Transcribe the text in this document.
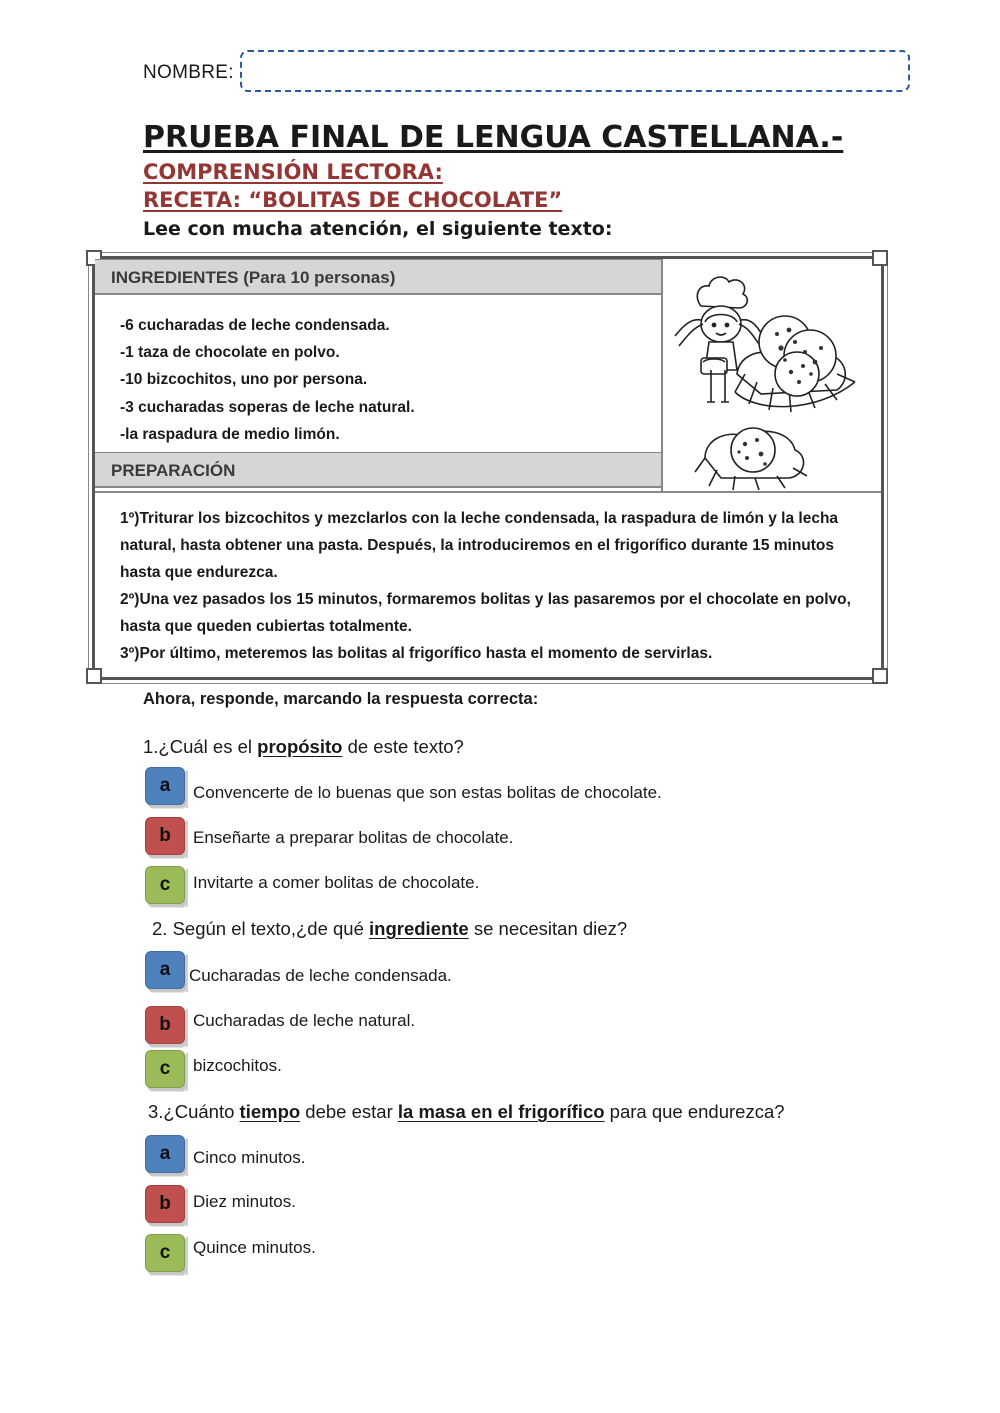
NOMBRE:
PRUEBA FINAL DE LENGUA CASTELLANA.-
COMPRENSIÓN LECTORA:
RECETA: “BOLITAS DE CHOCOLATE”
Lee con mucha atención, el siguiente texto:
INGREDIENTES (Para 10 personas)
-6 cucharadas de leche condensada.
-1 taza de chocolate en polvo.
-10 bizcochitos, uno por persona.
-3 cucharadas soperas de leche natural.
-la raspadura de medio limón.
PREPARACIÓN
1º)Triturar los bizcochitos y mezclarlos con la leche condensada, la raspadura de limón y la lecha natural, hasta obtener una pasta. Después, la introduciremos en el frigorífico durante 15 minutos hasta que endurezca.
2º)Una vez pasados los 15 minutos, formaremos bolitas y las pasaremos por el chocolate en polvo, hasta que queden cubiertas totalmente.
3º)Por último, meteremos las bolitas al frigorífico hasta el momento de servirlas.
Ahora, responde, marcando la respuesta correcta:
1.¿Cuál es el propósito de este texto?
a	Convencerte de lo buenas que son estas bolitas de chocolate.
b	Enseñarte a preparar bolitas de chocolate.
c	Invitarte a comer bolitas de chocolate.
2. Según el texto,¿de qué ingrediente se necesitan diez?
a	Cucharadas de leche condensada.
b	Cucharadas de leche natural.
c	bizcochitos.
3.¿Cuánto tiempo debe estar la masa en el frigorífico para que endurezca?
a	Cinco minutos.
b	Diez minutos.
c	Quince minutos.
